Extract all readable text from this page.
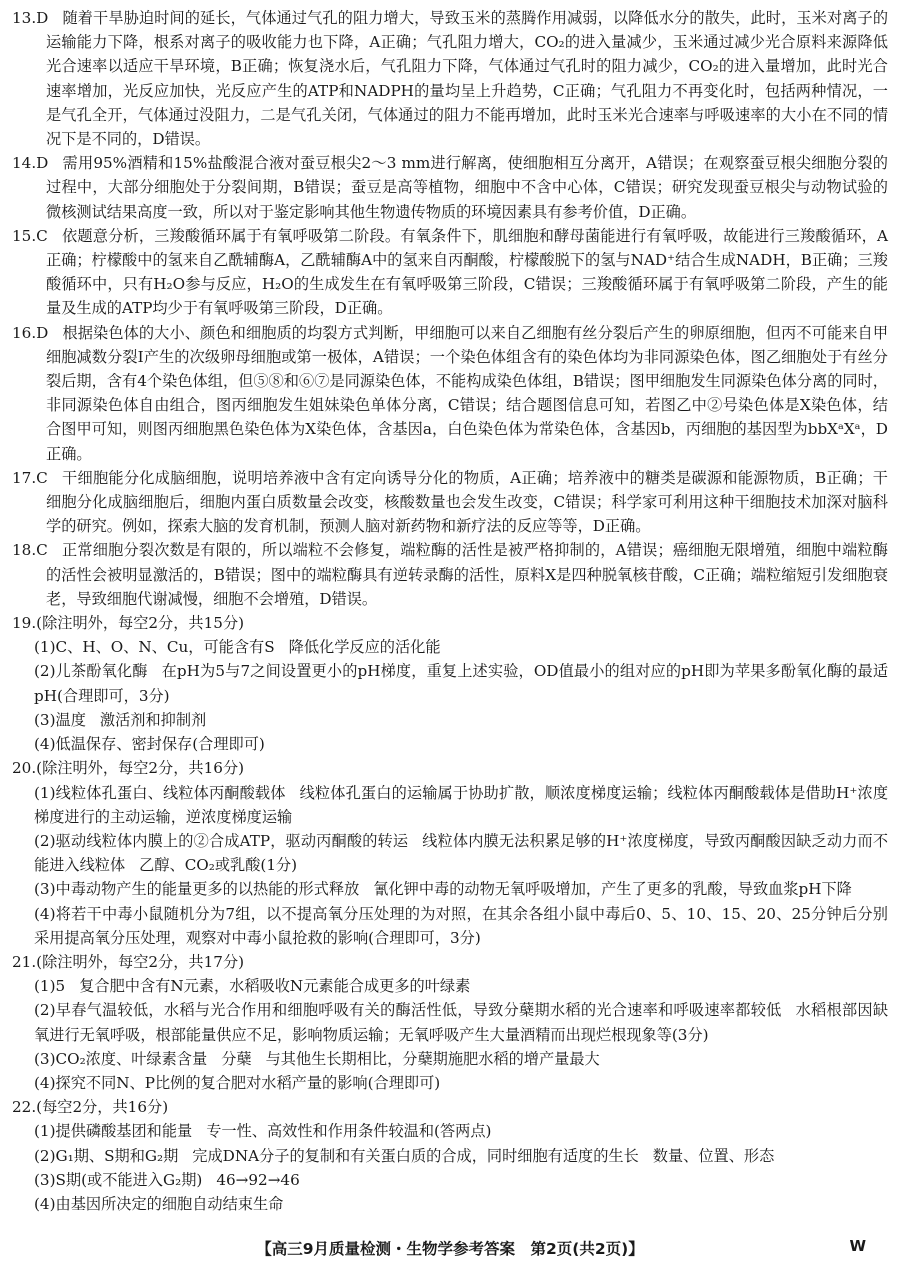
13.D 随着干旱胁迫时间的延长，气体通过气孔的阻力增大，导致玉米的蒸腾作用减弱，以降低水分的散失，此时，玉米对离子的运输能力下降，根系对离子的吸收能力也下降，A正确；气孔阻力增大，CO₂的进入量减少，玉米通过减少光合原料来源降低光合速率以适应干旱环境，B正确；恢复浇水后，气孔阻力下降，气体通过气孔时的阻力减少，CO₂的进入量增加，此时光合速率增加，光反应加快，光反应产生的ATP和NADPH的量均呈上升趋势，C正确；气孔阻力不再变化时，包括两种情况，一是气孔全开，气体通过没阻力，二是气孔关闭，气体通过的阻力不能再增加，此时玉米光合速率与呼吸速率的大小在不同的情况下是不同的，D错误。

14.D 需用95%酒精和15%盐酸混合液对蚕豆根尖2～3 mm进行解离，使细胞相互分离开，A错误；在观察蚕豆根尖细胞分裂的过程中，大部分细胞处于分裂间期，B错误；蚕豆是高等植物，细胞中不含中心体，C错误；研究发现蚕豆根尖与动物试验的微核测试结果高度一致，所以对于鉴定影响其他生物遗传物质的环境因素具有参考价值，D正确。

15.C 依题意分析，三羧酸循环属于有氧呼吸第二阶段。有氧条件下，肌细胞和酵母菌能进行有氧呼吸，故能进行三羧酸循环，A正确；柠檬酸中的氢来自乙酰辅酶A，乙酰辅酶A中的氢来自丙酮酸，柠檬酸脱下的氢与NAD⁺结合生成NADH，B正确；三羧酸循环中，只有H₂O参与反应，H₂O的生成发生在有氧呼吸第三阶段，C错误；三羧酸循环属于有氧呼吸第二阶段，产生的能量及生成的ATP均少于有氧呼吸第三阶段，D正确。

16.D 根据染色体的大小、颜色和细胞质的均裂方式判断，甲细胞可以来自乙细胞有丝分裂后产生的卵原细胞，但丙不可能来自甲细胞减数分裂Ⅰ产生的次级卵母细胞或第一极体，A错误；一个染色体组含有的染色体均为非同源染色体，图乙细胞处于有丝分裂后期，含有4个染色体组，但⑤⑧和⑥⑦是同源染色体，不能构成染色体组，B错误；图甲细胞发生同源染色体分离的同时，非同源染色体自由组合，图丙细胞发生姐妹染色单体分离，C错误；结合题图信息可知，若图乙中②号染色体是X染色体，结合图甲可知，则图丙细胞黑色染色体为X染色体，含基因a，白色染色体为常染色体，含基因b，丙细胞的基因型为bbXᵃXᵃ，D正确。

17.C 干细胞能分化成脑细胞，说明培养液中含有定向诱导分化的物质，A正确；培养液中的糖类是碳源和能源物质，B正确；干细胞分化成脑细胞后，细胞内蛋白质数量会改变，核酸数量也会发生改变，C错误；科学家可利用这种干细胞技术加深对脑科学的研究。例如，探索大脑的发育机制，预测人脑对新药物和新疗法的反应等等，D正确。

18.C 正常细胞分裂次数是有限的，所以端粒不会修复，端粒酶的活性是被严格抑制的，A错误；癌细胞无限增殖，细胞中端粒酶的活性会被明显激活的，B错误；图中的端粒酶具有逆转录酶的活性，原料X是四种脱氧核苷酸，C正确；端粒缩短引发细胞衰老，导致细胞代谢减慢，细胞不会增殖，D错误。

19.(除注明外，每空2分，共15分)

(1)C、H、O、N、Cu，可能含有S 降低化学反应的活化能

(2)儿茶酚氧化酶 在pH为5与7之间设置更小的pH梯度，重复上述实验，OD值最小的组对应的pH即为苹果多酚氧化酶的最适pH(合理即可，3分)

(3)温度 激活剂和抑制剂

(4)低温保存、密封保存(合理即可)

20.(除注明外，每空2分，共16分)

(1)线粒体孔蛋白、线粒体丙酮酸载体 线粒体孔蛋白的运输属于协助扩散，顺浓度梯度运输；线粒体丙酮酸载体是借助H⁺浓度梯度进行的主动运输，逆浓度梯度运输

(2)驱动线粒体内膜上的②合成ATP，驱动丙酮酸的转运 线粒体内膜无法积累足够的H⁺浓度梯度，导致丙酮酸因缺乏动力而不能进入线粒体 乙醇、CO₂或乳酸(1分)

(3)中毒动物产生的能量更多的以热能的形式释放 氰化钾中毒的动物无氧呼吸增加，产生了更多的乳酸，导致血浆pH下降

(4)将若干中毒小鼠随机分为7组，以不提高氧分压处理的为对照，在其余各组小鼠中毒后0、5、10、15、20、25分钟后分别采用提高氧分压处理，观察对中毒小鼠抢救的影响(合理即可，3分)

21.(除注明外，每空2分，共17分)

(1)5 复合肥中含有N元素，水稻吸收N元素能合成更多的叶绿素

(2)早春气温较低，水稻与光合作用和细胞呼吸有关的酶活性低，导致分蘖期水稻的光合速率和呼吸速率都较低 水稻根部因缺氧进行无氧呼吸，根部能量供应不足，影响物质运输；无氧呼吸产生大量酒精而出现烂根现象等(3分)

(3)CO₂浓度、叶绿素含量 分蘖 与其他生长期相比，分蘖期施肥水稻的增产量最大

(4)探究不同N、P比例的复合肥对水稻产量的影响(合理即可)

22.(每空2分，共16分)

(1)提供磷酸基团和能量 专一性、高效性和作用条件较温和(答两点)

(2)G₁期、S期和G₂期 完成DNA分子的复制和有关蛋白质的合成，同时细胞有适度的生长 数量、位置、形态

(3)S期(或不能进入G₂期) 46→92→46

(4)由基因所决定的细胞自动结束生命

【高三9月质量检测・生物学参考答案　第2页(共2页)】	W
